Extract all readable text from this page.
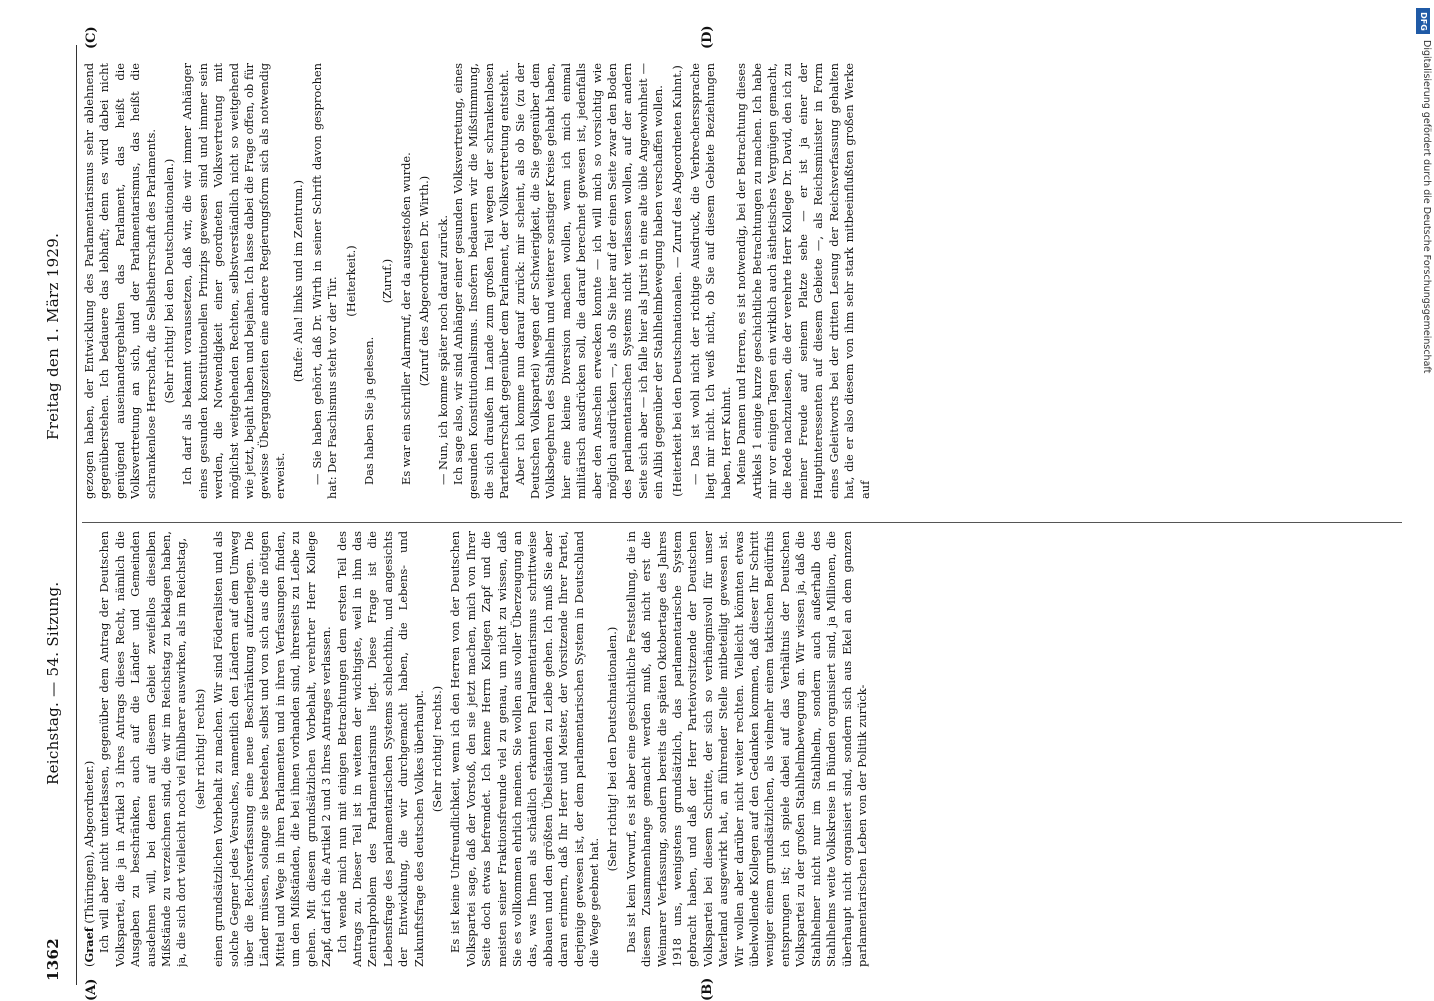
1362
Reichstag. — 54. Sitzung.
Freitag den 1. März 1929.
(A)	(B)
(C)	(D)

(Graef (Thüringen), Abgeordneter.) Ich will aber nicht unterlassen, gegenüber dem Antrag der Deutschen Volkspartei, die ja in Artikel 3 ihres Antrags dieses Recht, nämlich die Ausgaben zu beschränken, auch auf die Länder und Gemeinden ausdehnen will, bei denen auf diesem Gebiet zweifellos dieselben Mißstände zu verzeichnen sind, die wir im Reichstag zu beklagen haben, ja, die sich dort vielleicht noch viel fühlbarer auswirken, als im Reichstag, (sehr richtig! rechts) einen grundsätzlichen Vorbehalt zu machen. Wir sind Föderalisten und als solche Gegner jedes Versuches, namentlich den Ländern auf dem Umweg über die Reichsverfassung eine neue Beschränkung aufzuerlegen. Die Länder müssen, solange sie bestehen, selbst und von sich aus die nötigen Mittel und Wege in ihren Parlamenten und in ihren Verfassungen finden, um den Mißständen, die bei ihnen vorhanden sind, ihrerseits zu Leibe zu gehen. Mit diesem grundsätzlichen Vorbehalt, verehrter Herr Kollege Zapf, darf ich die Artikel 2 und 3 Ihres Antrages verlassen. Ich wende mich nun mit einigen Betrachtungen dem ersten Teil des Antrags zu. Dieser Teil ist in weitem der wichtigste, weil in ihm das Zentralproblem des Parlamentarismus liegt. Diese Frage ist die Lebensfrage des parlamentarischen Systems schlechthin, und angesichts der Entwicklung, die wir durchgemacht haben, die Lebens- und Zukunftsfrage des deutschen Volkes überhaupt. (Sehr richtig! rechts.) Es ist keine Unfreundlichkeit, wenn ich den Herren von der Deutschen Volkspartei sage, daß der Vorstoß, den sie jetzt machen, mich von Ihrer Seite doch etwas befremdet. Ich kenne Herrn Kollegen Zapf und die meisten seiner Fraktionsfreunde viel zu genau, um nicht zu wissen, daß Sie es vollkommen ehrlich meinen. Sie wollen aus voller Überzeugung an das, was Ihnen als schädlich erkannten Parlamentarismus schrittweise abbauen und den größten Übelständen zu Leibe gehen. Ich muß Sie aber daran erinnern, daß Ihr Herr und Meister, der Vorsitzende Ihrer Partei, derjenige gewesen ist, der dem parlamentarischen System in Deutschland die Wege geebnet hat.

(Sehr richtig! bei den Deutschnationalen.) Das ist kein Vorwurf, es ist aber eine geschichtliche Feststellung, die in diesem Zusammenhange gemacht werden muß, daß nicht erst die Weimarer Verfassung, sondern bereits die späten Oktobertage des Jahres 1918 uns, wenigstens grundsätzlich, das parlamentarische System gebracht haben, und daß der Herr Parteivorsitzende der Deutschen Volkspartei bei diesem Schritte, der sich so verhängnisvoll für unser Vaterland ausgewirkt hat, an führender Stelle mitbeteiligt gewesen ist. Wir wollen aber darüber nicht weiter rechten. Vielleicht könnten etwas übelwollende Kollegen auf den Gedanken kommen, daß dieser Ihr Schritt weniger einem grundsätzlichen, als vielmehr einem taktischen Bedürfnis entsprungen ist; ich spiele dabei auf das Verhältnis der Deutschen Volkspartei zu der großen Stahlhelmbewegung an. Wir wissen ja, daß die Stahlhelmer nicht nur im Stahlhelm, sondern auch außerhalb des Stahlhelms weite Volkskreise in Bünden organisiert sind, ja Millionen, die überhaupt nicht organisiert sind, sondern sich aus Ekel an dem ganzen parlamentarischen Leben von der Politik zurück-

gezogen haben, der Entwicklung des Parlamentarismus sehr ablehnend gegenüberstehen. Ich bedauere das lebhaft; denn es wird dabei nicht genügend auseinandergehalten das Parlament, das heißt die Volksvertretung an sich, und der Parlamentarismus, das heißt die schrankenlose Herrschaft, die Selbstherrschaft des Parlaments. (Sehr richtig! bei den Deutschnationalen.) Ich darf als bekannt voraussetzen, daß wir, die wir immer Anhänger eines gesunden konstitutionellen Prinzips gewesen sind und immer sein werden, die Notwendigkeit einer geordneten Volksvertretung mit möglichst weitgehenden Rechten, selbstverständlich nicht so weitgehend wie jetzt, bejaht haben und bejahen. Ich lasse dabei die Frage offen, ob für gewisse Übergangszeiten eine andere Regierungsform sich als notwendig erweist.

(Rufe: Aha! links und im Zentrum.) — Sie haben gehört, daß Dr. Wirth in seiner Schrift davon gesprochen hat: Der Faschismus steht vor der Tür. (Heiterkeit.)

Das haben Sie ja gelesen.

(Zuruf.) Es war ein schriller Alarmruf, der da ausgestoßen wurde. (Zuruf des Abgeordneten Dr. Wirth.) — Nun, ich komme später noch darauf zurück. Ich sage also, wir sind Anhänger einer gesunden Volksvertretung, eines gesunden Konstitutionalismus. Insofern bedauern wir die Mißstimmung, die sich draußen im Lande zum großen Teil wegen der schrankenlosen Parteiherrschaft gegenüber dem Parlament, der Volksvertretung entsteht. Aber ich komme nun darauf zurück: mir scheint, als ob Sie (zu der Deutschen Volkspartei) wegen der Schwierigkeit, die Sie gegenüber dem Volksbegehren des Stahlhelm und weiterer sonstiger Kreise gehabt haben, hier eine kleine Diversion machen wollen, wenn ich mich einmal militärisch ausdrücken soll, die darauf berechnet gewesen ist, jedenfalls aber den Anschein erwecken konnte — ich will mich so vorsichtig wie möglich ausdrücken —, als ob Sie hier auf der einen Seite zwar den Boden des parlamentarischen Systems nicht verlassen wollen, auf der andern Seite sich aber — ich falle hier als Jurist in eine alte üble Angewohnheit — ein Alibi gegenüber der Stahlhelmbewegung haben verschaffen wollen. (Heiterkeit bei den Deutschnationalen. — Zuruf des Abgeordneten Kuhnt.) — Das ist wohl nicht der richtige Ausdruck, die Verbrecherssprache liegt mir nicht. Ich weiß nicht, ob Sie auf diesem Gebiete Beziehungen haben, Herr Kuhnt. Meine Damen und Herren, es ist notwendig, bei der Betrachtung dieses Artikels 1 einige kurze geschichtliche Betrachtungen zu machen. Ich habe mir vor einigen Tagen ein wirklich auch ästhetisches Vergnügen gemacht, die Rede nachzulesen, die der verehrte Herr Kollege Dr. David, den ich zu meiner Freude auf seinem Platze sehe — er ist ja einer der Hauptinteressenten auf diesem Gebiete —, als Reichsminister in Form eines Geleitworts bei der dritten Lesung der Reichsverfassung gehalten hat, die er also diesem von ihm sehr stark mitbeeinflußten großen Werke auf

DFG
Digitalisierung gefördert durch die Deutsche Forschungsgemeinschaft
